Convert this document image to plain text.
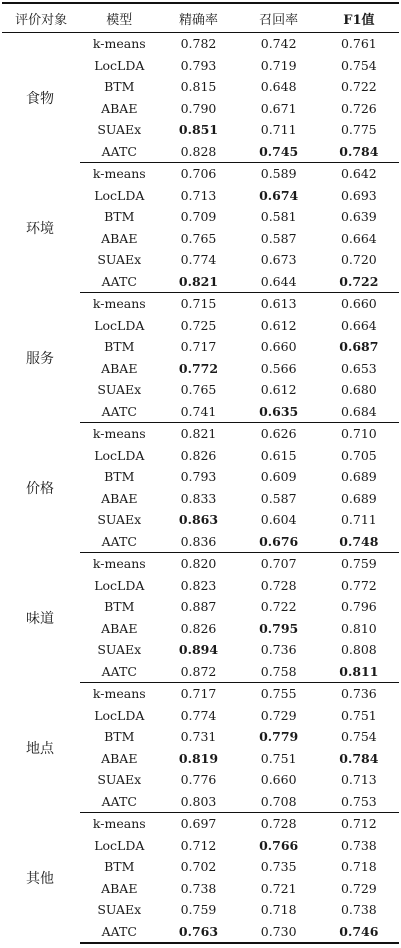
评价对象	模型	精确率	召回率	F1值
食物	k-means	0.782	0.742	0.761
	LocLDA	0.793	0.719	0.754
	BTM	0.815	0.648	0.722
	ABAE	0.790	0.671	0.726
	SUAEx	0.851	0.711	0.775
	AATC	0.828	0.745	0.784
环境	k-means	0.706	0.589	0.642
	LocLDA	0.713	0.674	0.693
	BTM	0.709	0.581	0.639
	ABAE	0.765	0.587	0.664
	SUAEx	0.774	0.673	0.720
	AATC	0.821	0.644	0.722
服务	k-means	0.715	0.613	0.660
	LocLDA	0.725	0.612	0.664
	BTM	0.717	0.660	0.687
	ABAE	0.772	0.566	0.653
	SUAEx	0.765	0.612	0.680
	AATC	0.741	0.635	0.684
价格	k-means	0.821	0.626	0.710
	LocLDA	0.826	0.615	0.705
	BTM	0.793	0.609	0.689
	ABAE	0.833	0.587	0.689
	SUAEx	0.863	0.604	0.711
	AATC	0.836	0.676	0.748
味道	k-means	0.820	0.707	0.759
	LocLDA	0.823	0.728	0.772
	BTM	0.887	0.722	0.796
	ABAE	0.826	0.795	0.810
	SUAEx	0.894	0.736	0.808
	AATC	0.872	0.758	0.811
地点	k-means	0.717	0.755	0.736
	LocLDA	0.774	0.729	0.751
	BTM	0.731	0.779	0.754
	ABAE	0.819	0.751	0.784
	SUAEx	0.776	0.660	0.713
	AATC	0.803	0.708	0.753
其他	k-means	0.697	0.728	0.712
	LocLDA	0.712	0.766	0.738
	BTM	0.702	0.735	0.718
	ABAE	0.738	0.721	0.729
	SUAEx	0.759	0.718	0.738
	AATC	0.763	0.730	0.746
